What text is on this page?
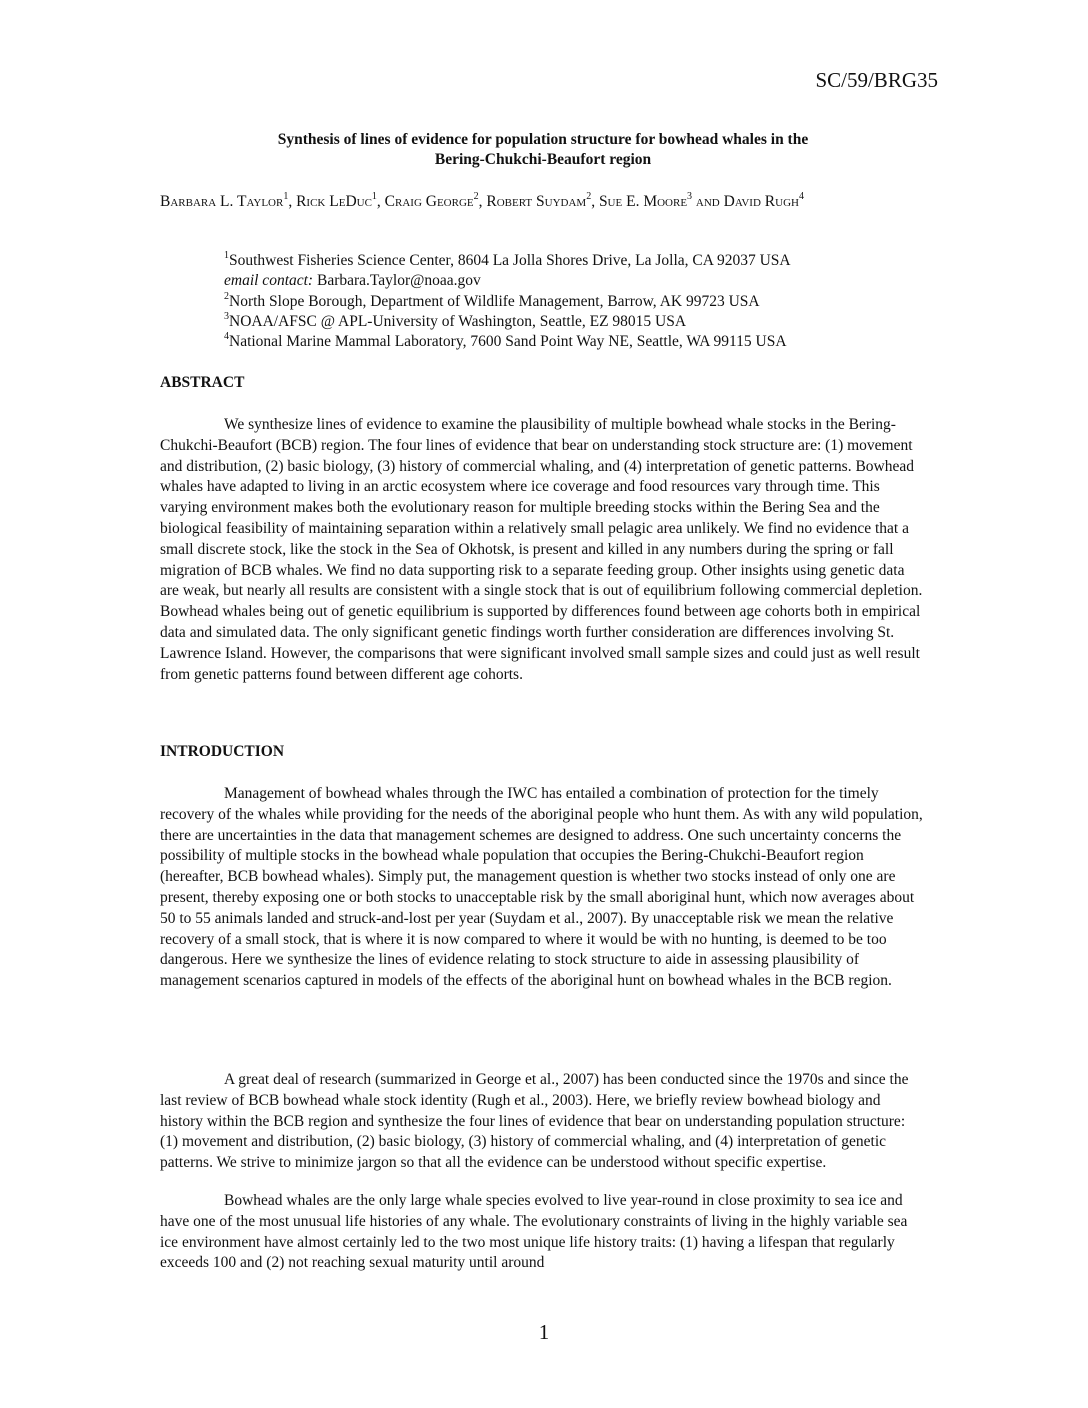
SC/59/BRG35
Synthesis of lines of evidence for population structure for bowhead whales in the
Bering-Chukchi-Beaufort region
Barbara L. Taylor$^1$, Rick LeDuc$^1$, Craig George$^2$, Robert Suydam$^2$, Sue E. Moore$^3$ and David Rugh$^4$
$^1$Southwest Fisheries Science Center, 8604 La Jolla Shores Drive, La Jolla, CA 92037 USA
email contact: Barbara.Taylor@noaa.gov
$^2$North Slope Borough, Department of Wildlife Management, Barrow, AK 99723 USA
$^3$NOAA/AFSC @ APL-University of Washington, Seattle, EZ 98015 USA
$^4$National Marine Mammal Laboratory, 7600 Sand Point Way NE, Seattle, WA 99115 USA
ABSTRACT

We synthesize lines of evidence to examine the plausibility of multiple bowhead whale stocks in the Bering-Chukchi-Beaufort (BCB) region. The four lines of evidence that bear on understanding stock structure are: (1) movement and distribution, (2) basic biology, (3) history of commercial whaling, and (4) interpretation of genetic patterns. Bowhead whales have adapted to living in an arctic ecosystem where ice coverage and food resources vary through time. This varying environment makes both the evolutionary reason for multiple breeding stocks within the Bering Sea and the biological feasibility of maintaining separation within a relatively small pelagic area unlikely. We find no evidence that a small discrete stock, like the stock in the Sea of Okhotsk, is present and killed in any numbers during the spring or fall migration of BCB whales. We find no data supporting risk to a separate feeding group. Other insights using genetic data are weak, but nearly all results are consistent with a single stock that is out of equilibrium following commercial depletion. Bowhead whales being out of genetic equilibrium is supported by differences found between age cohorts both in empirical data and simulated data. The only significant genetic findings worth further consideration are differences involving St. Lawrence Island. However, the comparisons that were significant involved small sample sizes and could just as well result from genetic patterns found between different age cohorts.

INTRODUCTION

Management of bowhead whales through the IWC has entailed a combination of protection for the timely recovery of the whales while providing for the needs of the aboriginal people who hunt them. As with any wild population, there are uncertainties in the data that management schemes are designed to address. One such uncertainty concerns the possibility of multiple stocks in the bowhead whale population that occupies the Bering-Chukchi-Beaufort region (hereafter, BCB bowhead whales). Simply put, the management question is whether two stocks instead of only one are present, thereby exposing one or both stocks to unacceptable risk by the small aboriginal hunt, which now averages about 50 to 55 animals landed and struck-and-lost per year (Suydam et al., 2007). By unacceptable risk we mean the relative recovery of a small stock, that is where it is now compared to where it would be with no hunting, is deemed to be too dangerous. Here we synthesize the lines of evidence relating to stock structure to aide in assessing plausibility of management scenarios captured in models of the effects of the aboriginal hunt on bowhead whales in the BCB region.

A great deal of research (summarized in George et al., 2007) has been conducted since the 1970s and since the last review of BCB bowhead whale stock identity (Rugh et al., 2003). Here, we briefly review bowhead biology and history within the BCB region and synthesize the four lines of evidence that bear on understanding population structure: (1) movement and distribution, (2) basic biology, (3) history of commercial whaling, and (4) interpretation of genetic patterns. We strive to minimize jargon so that all the evidence can be understood without specific expertise.

Bowhead whales are the only large whale species evolved to live year-round in close proximity to sea ice and have one of the most unusual life histories of any whale. The evolutionary constraints of living in the highly variable sea ice environment have almost certainly led to the two most unique life history traits: (1) having a lifespan that regularly exceeds 100 and (2) not reaching sexual maturity until around

1
